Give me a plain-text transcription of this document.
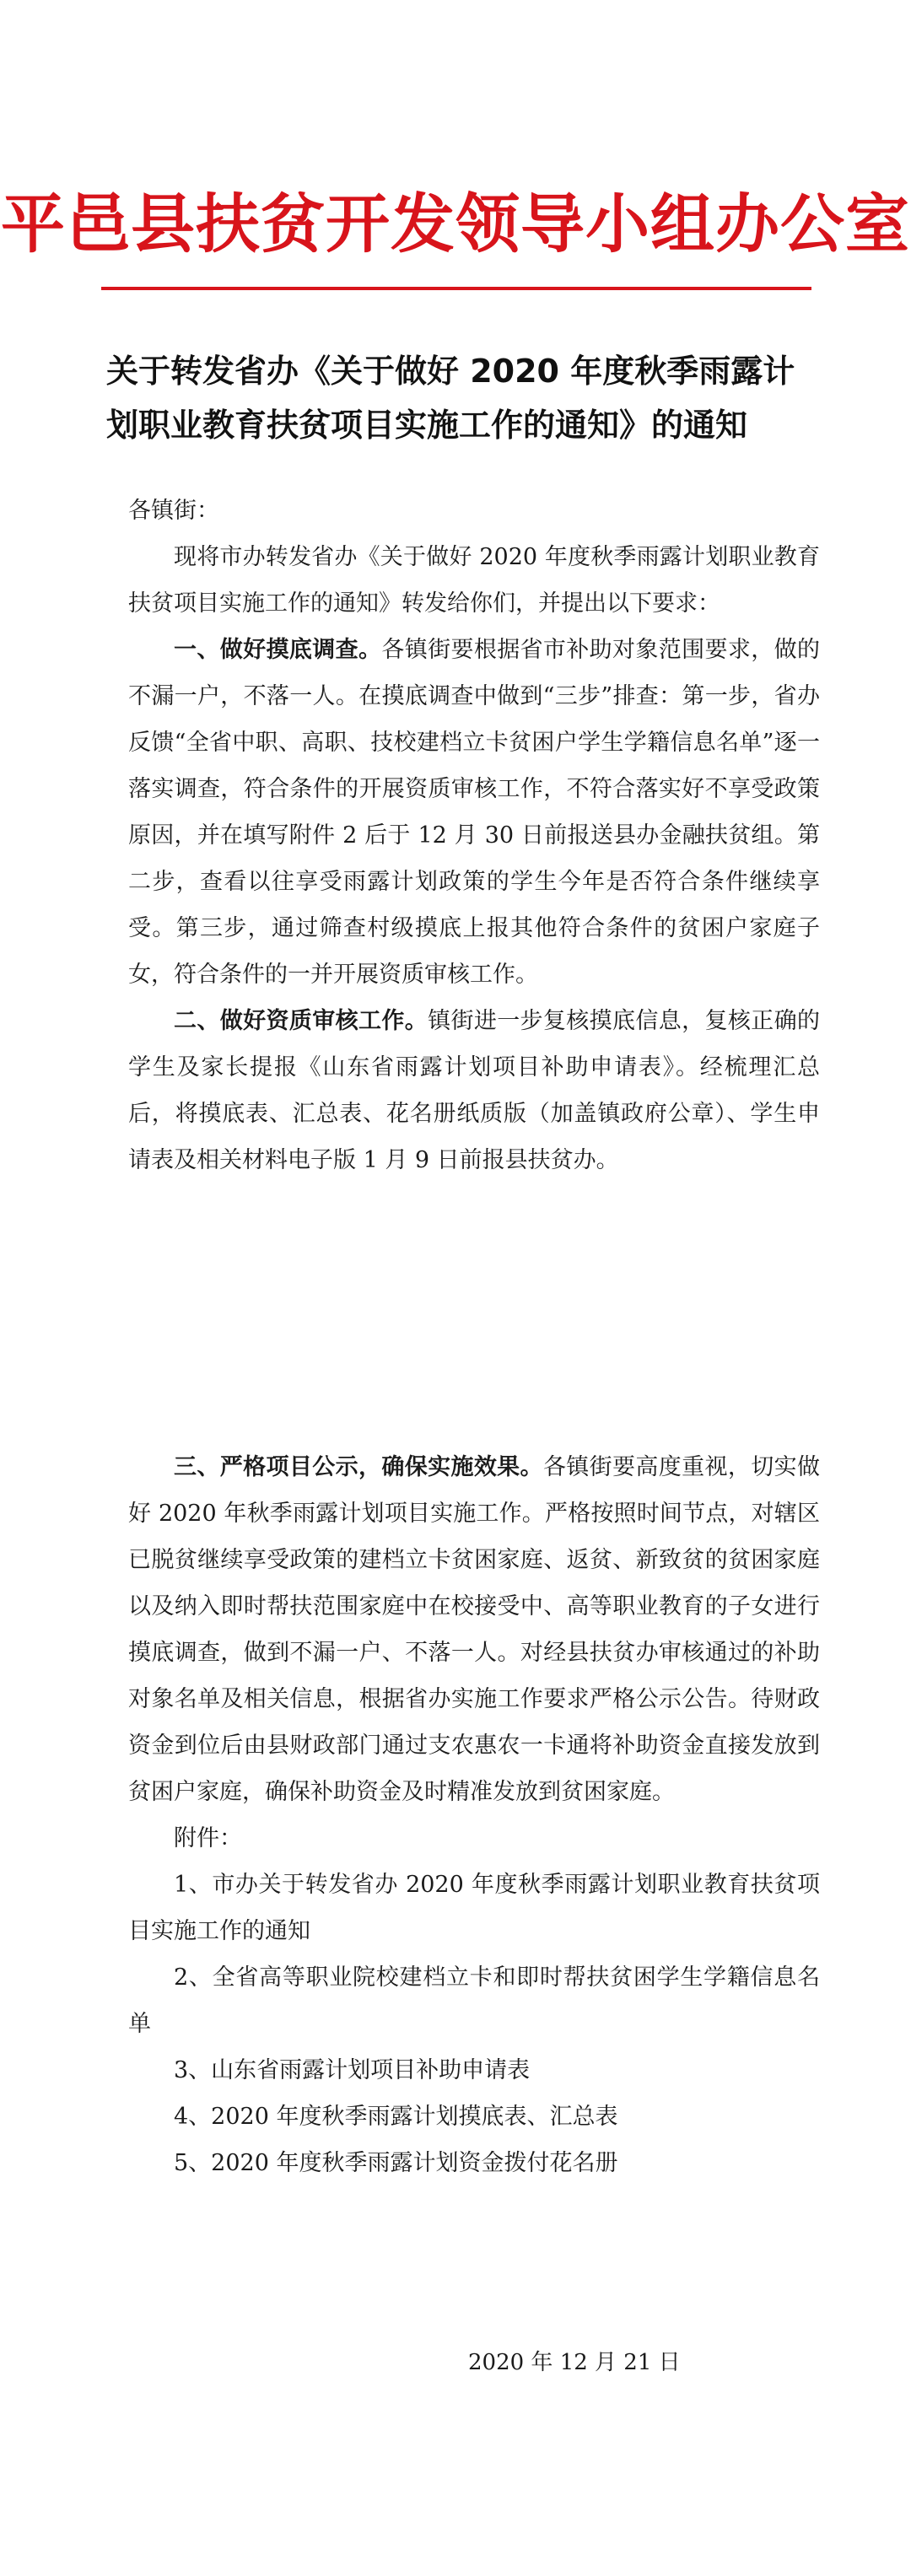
平邑县扶贫开发领导小组办公室
关于转发省办《关于做好 2020 年度秋季雨露计
划职业教育扶贫项目实施工作的通知》的通知

各镇街：

现将市办转发省办《关于做好 2020 年度秋季雨露计划职业教育扶贫项目实施工作的通知》转发给你们，并提出以下要求：

一、做好摸底调查。各镇街要根据省市补助对象范围要求，做的不漏一户，不落一人。在摸底调查中做到“三步”排查：第一步，省办反馈“全省中职、高职、技校建档立卡贫困户学生学籍信息名单”逐一落实调查，符合条件的开展资质审核工作，不符合落实好不享受政策原因，并在填写附件 2 后于 12 月 30 日前报送县办金融扶贫组。第二步，查看以往享受雨露计划政策的学生今年是否符合条件继续享受。第三步，通过筛查村级摸底上报其他符合条件的贫困户家庭子女，符合条件的一并开展资质审核工作。

二、做好资质审核工作。镇街进一步复核摸底信息，复核正确的学生及家长提报《山东省雨露计划项目补助申请表》。经梳理汇总后，将摸底表、汇总表、花名册纸质版（加盖镇政府公章）、学生申请表及相关材料电子版 1 月 9 日前报县扶贫办。

三、严格项目公示，确保实施效果。各镇街要高度重视，切实做好 2020 年秋季雨露计划项目实施工作。严格按照时间节点，对辖区已脱贫继续享受政策的建档立卡贫困家庭、返贫、新致贫的贫困家庭以及纳入即时帮扶范围家庭中在校接受中、高等职业教育的子女进行摸底调查，做到不漏一户、不落一人。对经县扶贫办审核通过的补助对象名单及相关信息，根据省办实施工作要求严格公示公告。待财政资金到位后由县财政部门通过支农惠农一卡通将补助资金直接发放到贫困户家庭，确保补助资金及时精准发放到贫困家庭。

附件：

1、市办关于转发省办 2020 年度秋季雨露计划职业教育扶贫项目实施工作的通知

2、全省高等职业院校建档立卡和即时帮扶贫困学生学籍信息名单

3、山东省雨露计划项目补助申请表

4、2020 年度秋季雨露计划摸底表、汇总表

5、2020 年度秋季雨露计划资金拨付花名册

2020 年 12 月 21 日
